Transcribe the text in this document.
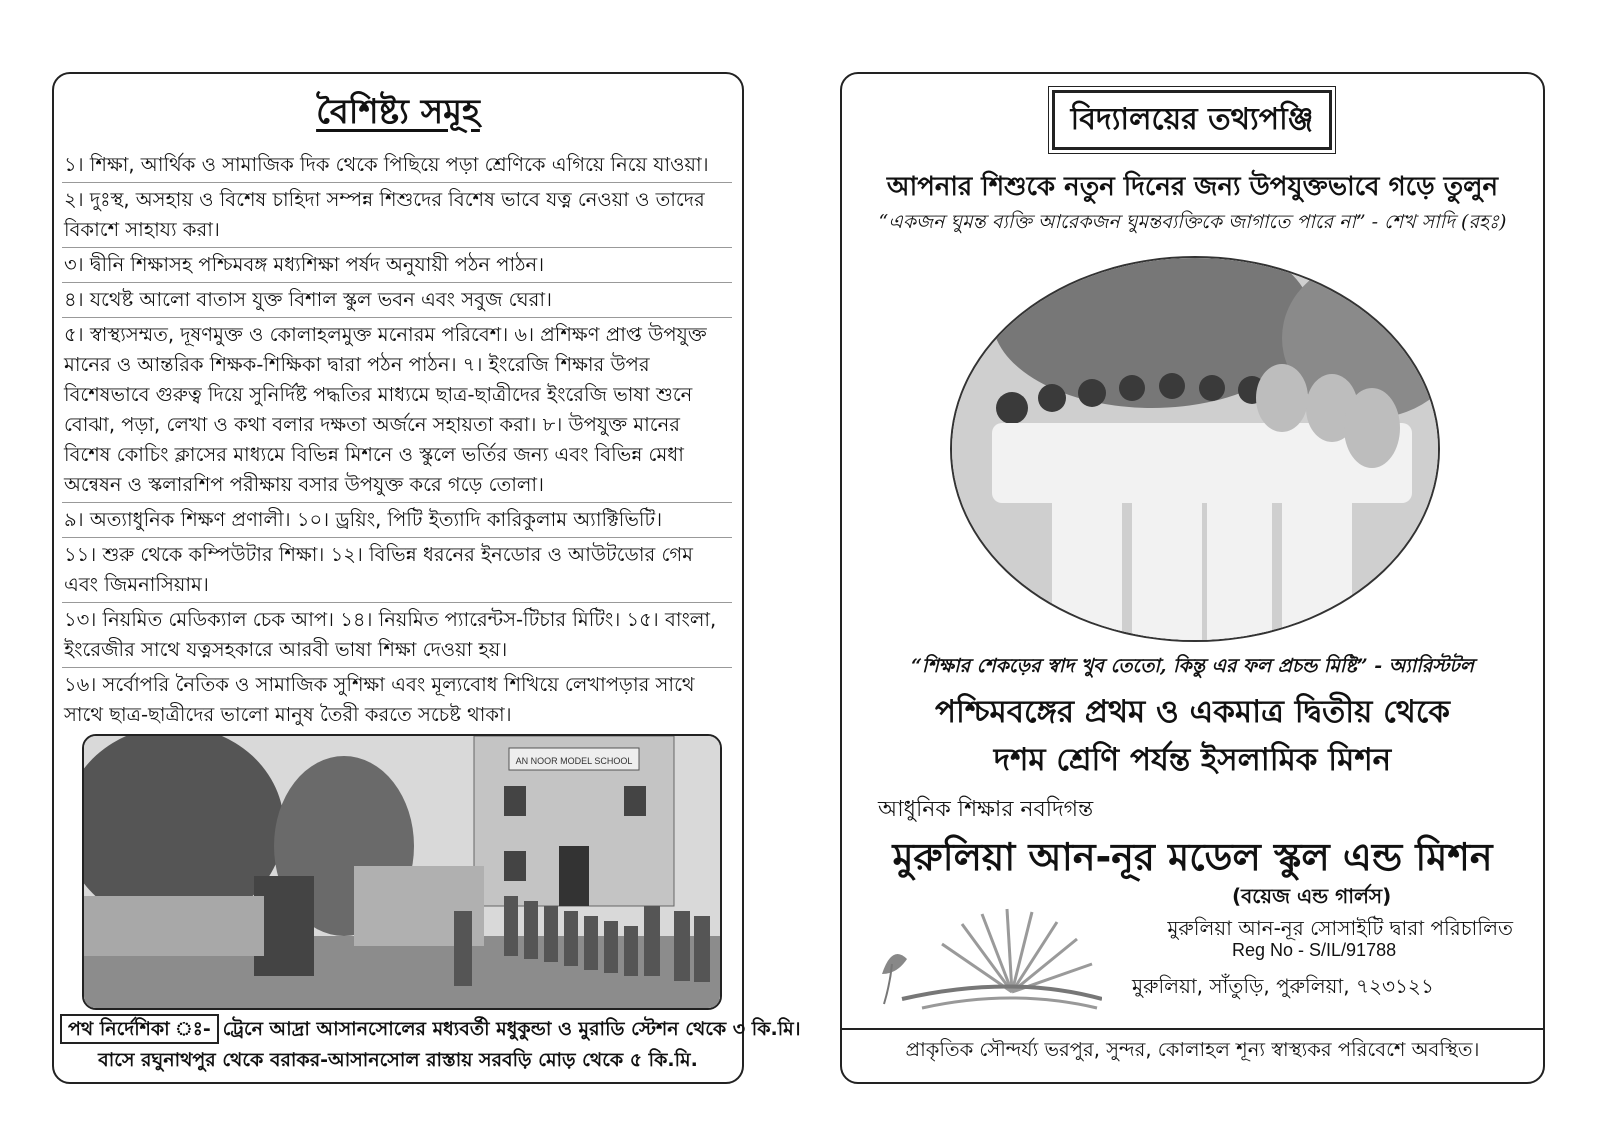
বৈশিষ্ট্য সমূহ
১। শিক্ষা, আর্থিক ও সামাজিক দিক থেকে পিছিয়ে পড়া শ্রেণিকে এগিয়ে নিয়ে যাওয়া।
২। দুঃস্থ, অসহায় ও বিশেষ চাহিদা সম্পন্ন শিশুদের বিশেষ ভাবে যত্ন নেওয়া ও তাদের বিকাশে সাহায্য করা।
৩। দ্বীনি শিক্ষাসহ পশ্চিমবঙ্গ মধ্যশিক্ষা পর্ষদ অনুযায়ী পঠন পাঠন।
৪। যথেষ্ট আলো বাতাস যুক্ত বিশাল স্কুল ভবন এবং সবুজ ঘেরা।
৫। স্বাস্থ্যসম্মত, দূষণমুক্ত ও কোলাহলমুক্ত মনোরম পরিবেশ। ৬। প্রশিক্ষণ প্রাপ্ত উপযুক্ত মানের ও আন্তরিক শিক্ষক-শিক্ষিকা দ্বারা পঠন পাঠন। ৭। ইংরেজি শিক্ষার উপর বিশেষভাবে গুরুত্ব দিয়ে সুনির্দিষ্ট পদ্ধতির মাধ্যমে ছাত্র-ছাত্রীদের ইংরেজি ভাষা শুনে বোঝা, পড়া, লেখা ও কথা বলার দক্ষতা অর্জনে সহায়তা করা। ৮। উপযুক্ত মানের বিশেষ কোচিং ক্লাসের মাধ্যমে বিভিন্ন মিশনে ও স্কুলে ভর্তির জন্য এবং বিভিন্ন মেধা অন্বেষন ও স্কলারশিপ পরীক্ষায় বসার উপযুক্ত করে গড়ে তোলা।
৯। অত্যাধুনিক শিক্ষণ প্রণালী। ১০। ড্রয়িং, পিটি ইত্যাদি কারিকুলাম অ্যাক্টিভিটি।
১১। শুরু থেকে কম্পিউটার শিক্ষা। ১২। বিভিন্ন ধরনের ইনডোর ও আউটডোর গেম এবং জিমনাসিয়াম।
১৩। নিয়মিত মেডিক্যাল চেক আপ। ১৪। নিয়মিত প্যারেন্টস-টিচার মিটিং। ১৫। বাংলা, ইংরেজীর সাথে যত্নসহকারে আরবী ভাষা শিক্ষা দেওয়া হয়।
১৬। সর্বোপরি নৈতিক ও সামাজিক সুশিক্ষা এবং মূল্যবোধ শিখিয়ে লেখাপড়ার সাথে সাথে ছাত্র-ছাত্রীদের ভালো মানুষ তৈরী করতে সচেষ্ট থাকা।
AN NOOR MODEL SCHOOL
পথ নির্দেশিকা ঃ- ট্রেনে আদ্রা আসানসোলের মধ্যবর্তী মধুকুন্ডা ও মুরাডি স্টেশন থেকে ৩ কি.মি।
বাসে রঘুনাথপুর থেকে বরাকর-আসানসোল রাস্তায় সরবড়ি মোড় থেকে ৫ কি.মি.
বিদ্যালয়ের তথ্যপঞ্জি
আপনার শিশুকে নতুন দিনের জন্য উপযুক্তভাবে গড়ে তুলুন
“একজন ঘুমন্ত ব্যক্তি আরেকজন ঘুমন্তব্যক্তিকে জাগাতে পারে না” - শেখ সাদি (রহঃ)
“শিক্ষার শেকড়ের স্বাদ খুব তেতো, কিন্তু এর ফল প্রচন্ড মিষ্টি” - অ্যারিস্টটল
পশ্চিমবঙ্গের প্রথম ও একমাত্র দ্বিতীয় থেকে
দশম শ্রেণি পর্যন্ত ইসলামিক মিশন
আধুনিক শিক্ষার নবদিগন্ত
মুরুলিয়া আন-নূর মডেল স্কুল এন্ড মিশন
(বয়েজ এন্ড গার্লস)
মুরুলিয়া আন-নূর সোসাইটি দ্বারা পরিচালিত
Reg No - S/IL/91788
মুরুলিয়া, সাঁতুড়ি, পুরুলিয়া, ৭২৩১২১
প্রাকৃতিক সৌন্দর্য্য ভরপুর, সুন্দর, কোলাহল শূন্য স্বাস্থ্যকর পরিবেশে অবস্থিত।
